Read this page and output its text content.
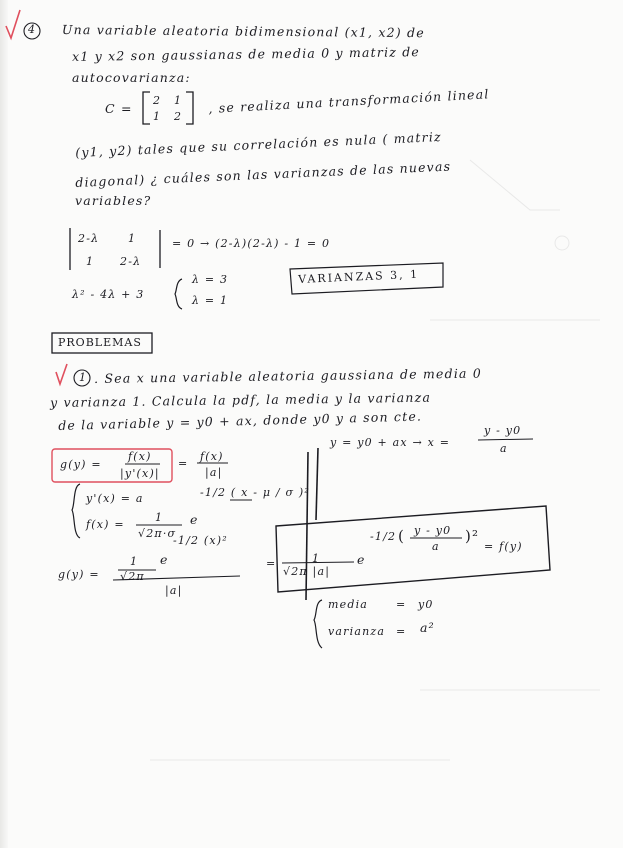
4 Una variable aleatoria bidimensional (x1, x2) de
x1 y x2 son gaussianas de media 0 y matriz de
autocovarianza:
C =
2 1
1 2
, se realiza una transformación lineal
(y1, y2) tales que su correlación es nula ( matriz
diagonal) ¿ cuáles son las varianzas de las nuevas
variables?
2-λ	1
1 2-λ
= 0 → (2-λ)(2-λ) - 1 = 0
λ² - 4λ + 3
λ = 3
λ = 1
VARIANZAS 3, 1
PROBLEMAS
1 . Sea x una variable aleatoria gaussiana de media 0
y varianza 1. Calcula la pdf, la media y la varianza
de la variable y = y0 + ax, donde y0 y a son cte.
g(y) =
f(x)
|y'(x)|
=
f(x)
|a|
y'(x) = a
f(x) =
1
√2π·σ
e
-1/2 ( x - μ / σ )²
y = y0 + ax → x =
y - y0
a
g(y) =
1
√2π
e
-1/2 (x)²
|a|
=	1
√2π |a|
e
-1/2 ( y - y0
a
)²
= f(y)
media	= y0
varianza = a²
